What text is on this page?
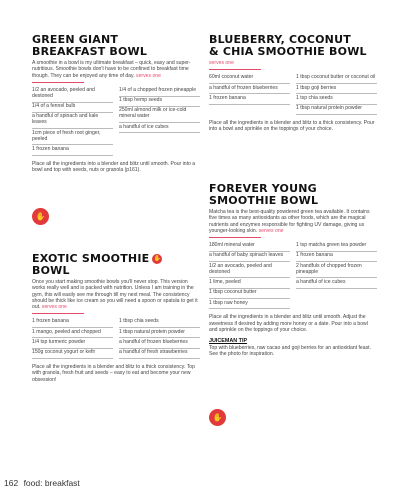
GREEN GIANT
BREAKFAST BOWL

A smoothie in a bowl is my ultimate breakfast – quick, easy and super-nutritious. Smoothie bowls don't have to be confined to breakfast time though. They can be enjoyed any time of day. serves one

1/2 an avocado, peeled and destoned
1/4 of a fennel bulb
a handful of spinach and kale leaves
1cm piece of fresh root ginger, peeled
1 frozen banana
1/4 of a chopped frozen pineapple
1 tbsp hemp seeds
250ml almond milk or ice-cold mineral water
a handful of ice cubes

Place all the ingredients into a blender and blitz until smooth. Pour into a bowl and top with seeds, nuts or granola (p161).

✋
EXOTIC SMOOTHIE ✋
BOWL

Once you start making smoothie bowls you'll never stop. This version works really well and is packed with nutrition. Unless I am training in the gym, this will easily see me through till my next meal. The consistency should be thick like ice cream so you will need a spoon or spatula to get it out. serves one

1 frozen banana
1 mango, peeled and chopped
1/4 tsp turmeric powder
150g coconut yogurt or kefir
1 tbsp chia seeds
1 tbsp natural protein powder
a handful of frozen blueberries
a handful of fresh strawberries

Place all the ingredients in a blender and blitz to a thick consistency. Top with granola, fresh fruit and seeds – easy to eat and become your new obsession!

BLUEBERRY, COCONUT
& CHIA SMOOTHIE BOWL

serves one

60ml coconut water
a handful of frozen blueberries
1 frozen banana
1 tbsp coconut butter or coconut oil
1 tbsp goji berries
1 tsp chia seeds
1 tbsp natural protein powder

Place all the ingredients in a blender and blitz to a thick consistency. Pour into a bowl and sprinkle on the toppings of your choice.

FOREVER YOUNG
SMOOTHIE BOWL

Matcha tea is the best-quality powdered green tea available. It contains five times as many antioxidants as other foods, which are the magical nutrients and enzymes responsible for fighting UV damage, giving us younger-looking skin. serves one

180ml mineral water
a handful of baby spinach leaves
1/2 an avocado, peeled and destoned
1 lime, peeled
1 tbsp coconut butter
1 tbsp raw honey
1 tsp matcha green tea powder
1 frozen banana
2 handfuls of chopped frozen pineapple
a handful of ice cubes

Place all the ingredients in a blender and blitz until smooth. Adjust the sweetness if desired by adding more honey or a date. Pour into a bowl and sprinkle on the toppings of your choice.

JUICEMAN TIP

Top with blueberries, raw cacao and goji berries for an antioxidant feast. See the photo for inspiration.

✋
162 food: breakfast
